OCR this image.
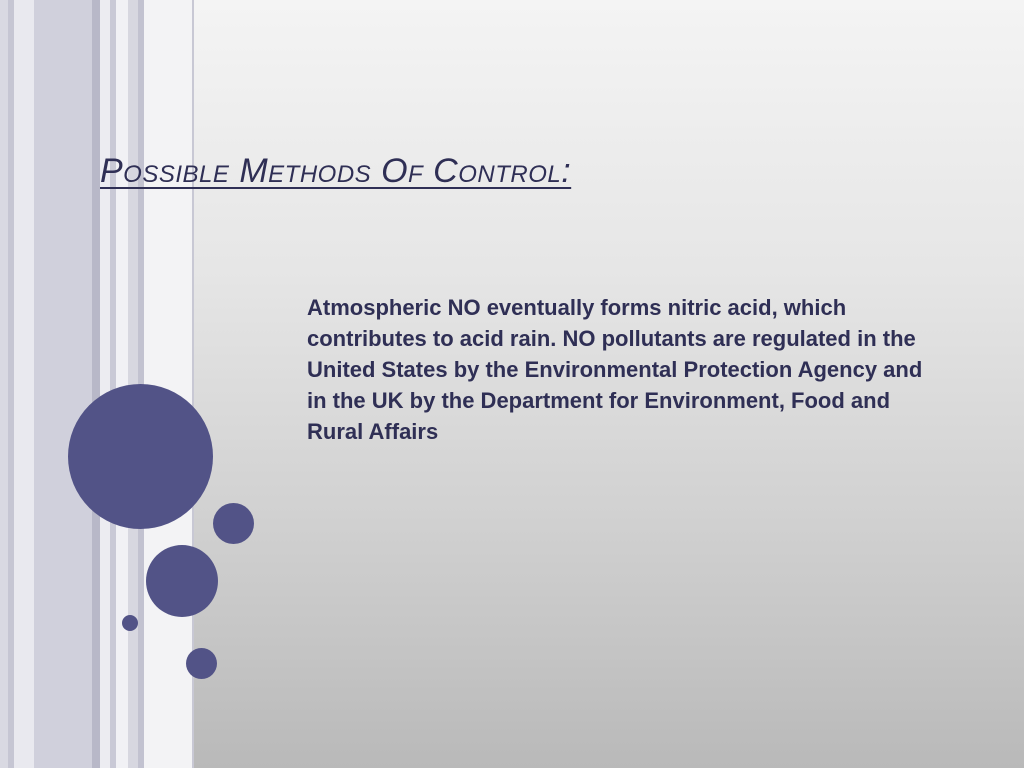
Possible Methods Of Control:

Atmospheric NO eventually forms nitric acid, which contributes to acid rain. NO pollutants are regulated in the United States by the Environmental Protection Agency and in the UK by the Department for Environment, Food and Rural Affairs
